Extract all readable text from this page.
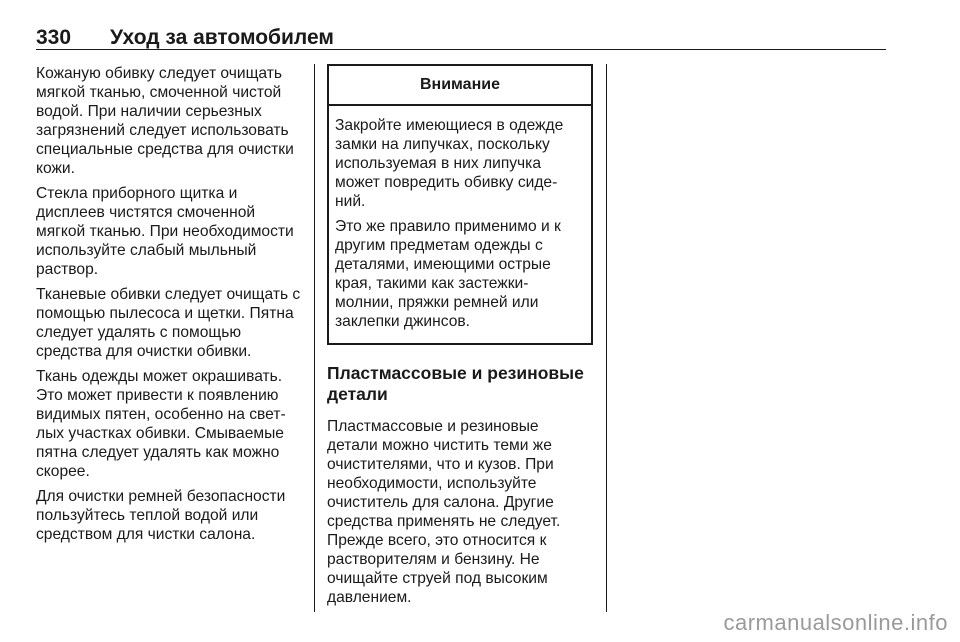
330	Уход за автомобилем

Кожаную обивку следует очищать мягкой тканью, смоченной чистой водой. При наличии серьезных загрязнений следует использовать специальные средства для очистки кожи.

Стекла приборного щитка и дисплеев чистятся смоченной мягкой тканью. При необходимости используйте слабый мыльный раствор.

Тканевые обивки следует очищать с помощью пылесоса и щетки. Пятна следует удалять с помощью средства для очистки обивки.

Ткань одежды может окрашивать. Это может привести к появлению видимых пятен, особенно на свет-лых участках обивки. Смываемые пятна следует удалять как можно скорее.

Для очистки ремней безопасности пользуйтесь теплой водой или средством для чистки салона.

Внимание

Закройте имеющиеся в одежде замки на липучках, поскольку используемая в них липучка может повредить обивку сиде-ний.

Это же правило применимо и к другим предметам одежды с деталями, имеющими острые края, такими как застежки-молнии, пряжки ремней или заклепки джинсов.

Пластмассовые и резиновые детали

Пластмассовые и резиновые детали можно чистить теми же очистителями, что и кузов. При необходимости, используйте очиститель для салона. Другие средства применять не следует. Прежде всего, это относится к растворителям и бензину. Не очищайте струей под высоким давлением.

carmanualsonline.info
